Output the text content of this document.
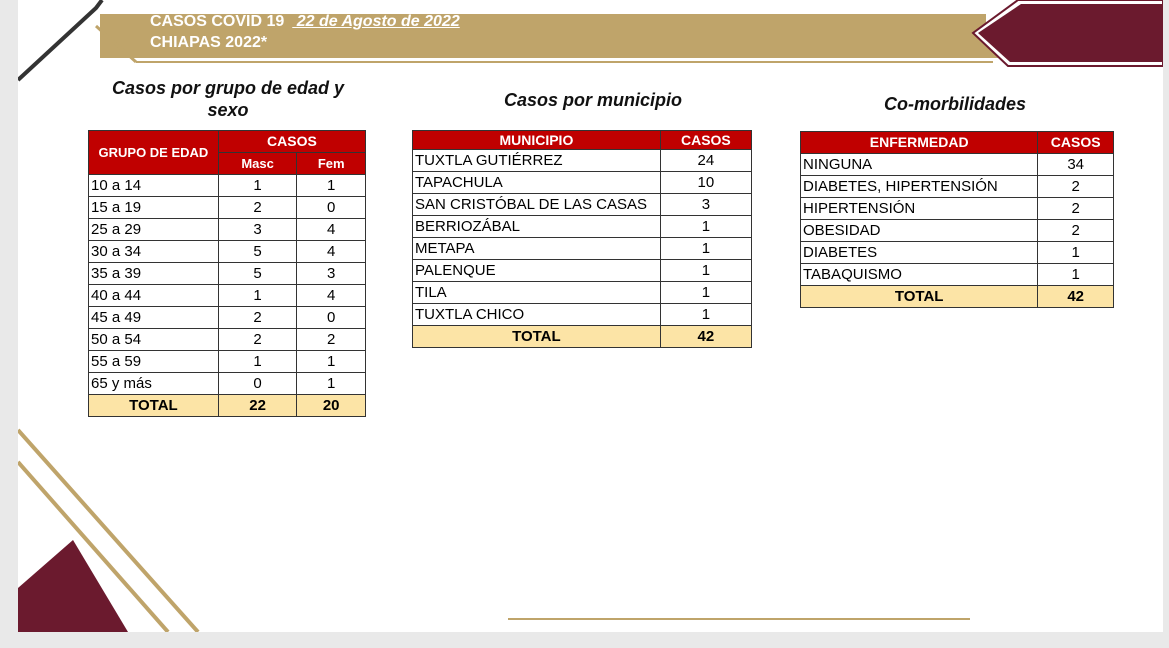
CASOS COVID 19 22 de Agosto de 2022
CHIAPAS 2022*
Casos por grupo de edad y
sexo	Casos por municipio	Co-morbilidades
GRUPO DE EDAD	CASOS	
	Masc	Fem
10 a 14	1	1
15 a 19	2	0
25 a 29	3	4
30 a 34	5	4
35 a 39	5	3
40 a 44	1	4
45 a 49	2	0
50 a 54	2	2
55 a 59	1	1
65 y más	0	1
TOTAL	22	20
MUNICIPIO	CASOS
TUXTLA GUTIÉRREZ	24
TAPACHULA	10
SAN CRISTÓBAL DE LAS CASAS	3
BERRIOZÁBAL	1
METAPA	1
PALENQUE	1
TILA	1
TUXTLA CHICO	1
TOTAL	42
ENFERMEDAD	CASOS
NINGUNA	34
DIABETES, HIPERTENSIÓN	2
HIPERTENSIÓN	2
OBESIDAD	2
DIABETES	1
TABAQUISMO	1
TOTAL	42
